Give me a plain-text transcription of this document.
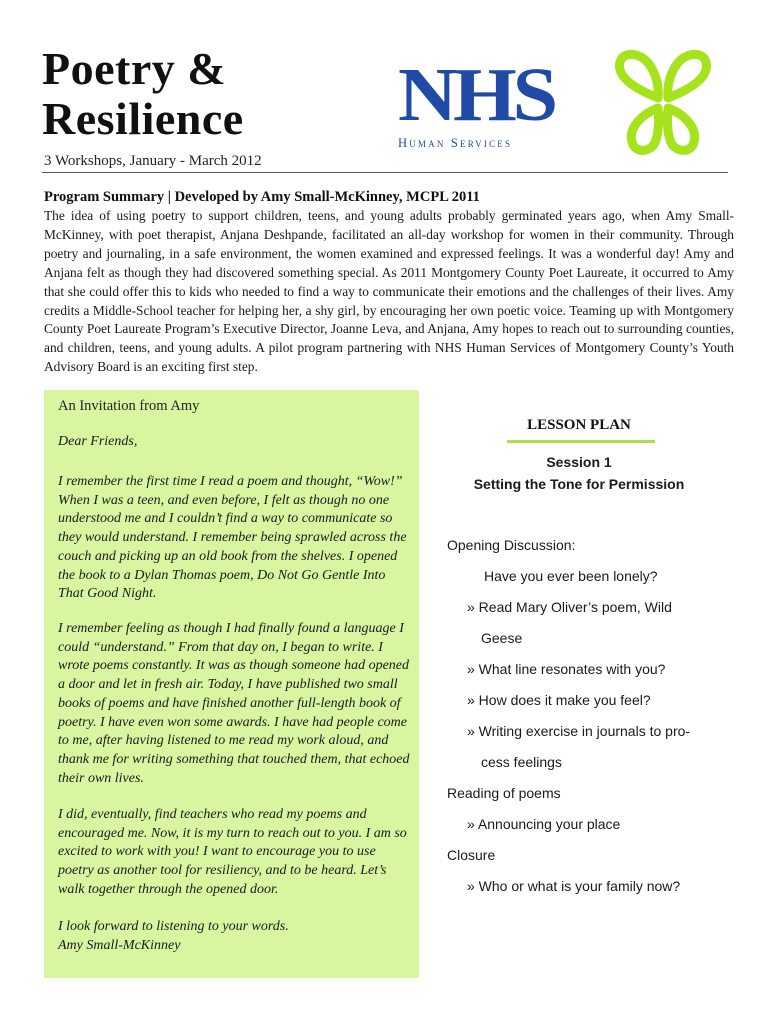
Poetry &
Resilience
3 Workshops, January - March 2012
NHS
Human Services
Program Summary | Developed by Amy Small-McKinney, MCPL 2011
The idea of using poetry to support children, teens, and young adults probably germinated years ago, when Amy Small-McKinney, with poet therapist, Anjana Deshpande, facilitated an all-day workshop for women in their community. Through poetry and journaling, in a safe environment, the women examined and expressed feelings. It was a wonderful day! Amy and Anjana felt as though they had discovered something special. As 2011 Montgomery County Poet Laureate, it occurred to Amy that she could offer this to kids who needed to find a way to communicate their emotions and the challenges of their lives. Amy credits a Middle-School teacher for helping her, a shy girl, by encouraging her own poetic voice. Teaming up with Montgomery County Poet Laureate Program’s Executive Director, Joanne Leva, and Anjana, Amy hopes to reach out to surrounding counties, and children, teens, and young adults. A pilot program partnering with NHS Human Services of Montgomery County’s Youth Advisory Board is an exciting first step.
An Invitation from Amy
Dear Friends,
I remember the first time I read a poem and thought, “Wow!” When I was a teen, and even before, I felt as though no one understood me and I couldn’t find a way to communicate so they would understand. I remember being sprawled across the couch and picking up an old book from the shelves. I opened the book to a Dylan Thomas poem, Do Not Go Gentle Into That Good Night.
I remember feeling as though I had finally found a language I could “understand.” From that day on, I began to write. I wrote poems constantly. It was as though someone had opened a door and let in fresh air. Today, I have published two small books of poems and have finished another full-length book of poetry. I have even won some awards. I have had people come to me, after having listened to me read my work aloud, and thank me for writing something that touched them, that echoed their own lives.
I did, eventually, find teachers who read my poems and encouraged me. Now, it is my turn to reach out to you. I am so excited to work with you! I want to encourage you to use poetry as another tool for resiliency, and to be heard. Let’s walk together through the opened door.
I look forward to listening to your words.
Amy Small-McKinney
LESSON PLAN
Session 1
Setting the Tone for Permission
Opening Discussion:
Have you ever been lonely?
» Read Mary Oliver’s poem, Wild
Geese
» What line resonates with you?
» How does it make you feel?
» Writing exercise in journals to pro-
cess feelings
Reading of poems
» Announcing your place
Closure
» Who or what is your family now?
